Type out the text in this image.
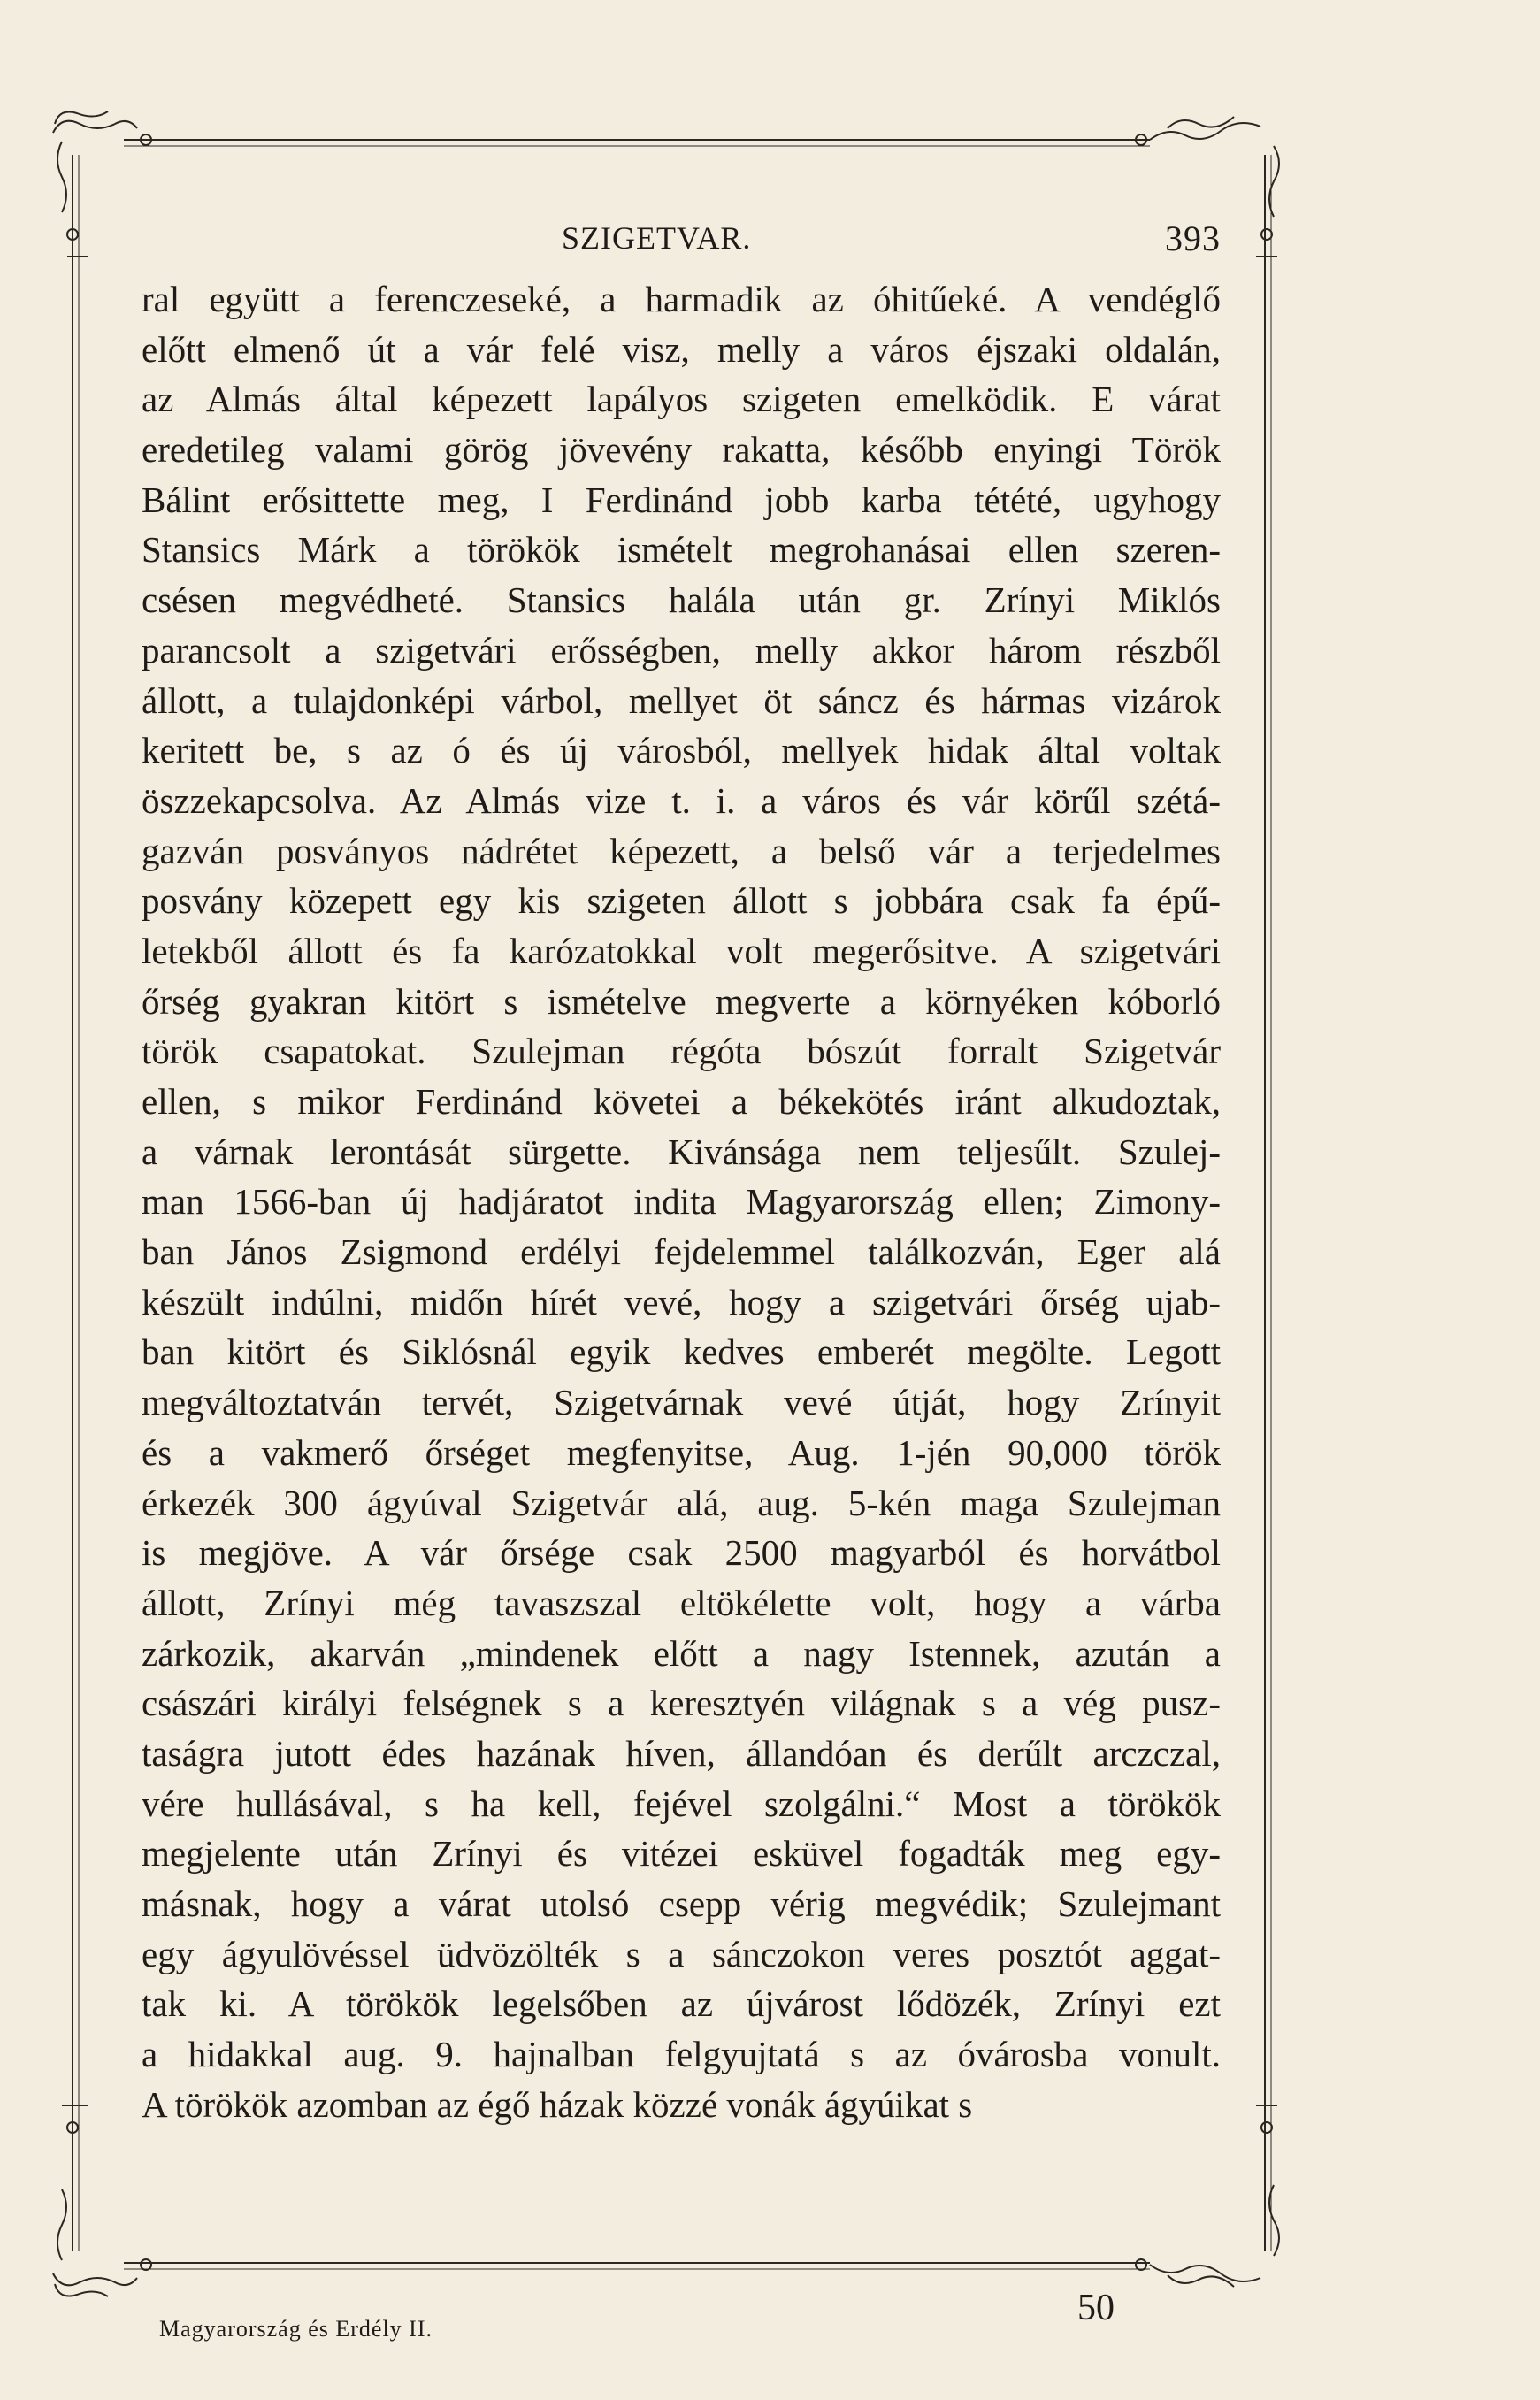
SZIGETVAR.	393
ral együtt a ferenczeseké, a harmadik az óhitűeké. A vendéglő
előtt elmenő út a vár felé visz, melly a város éjszaki oldalán,
az Almás által képezett lapályos szigeten emelködik. E várat
eredetileg valami görög jövevény rakatta, később enyingi Török
Bálint erősittette meg, I Ferdinánd jobb karba tétété, ugyhogy
Stansics Márk a törökök ismételt megrohanásai ellen szeren-
csésen megvédheté. Stansics halála után gr. Zrínyi Miklós
parancsolt a szigetvári erősségben, melly akkor három részből
állott, a tulajdonképi várbol, mellyet öt sáncz és hármas vizárok
keritett be, s az ó és új városból, mellyek hidak által voltak
öszzekapcsolva. Az Almás vize t. i. a város és vár körűl szétá-
gazván posványos nádrétet képezett, a belső vár a terjedelmes
posvány közepett egy kis szigeten állott s jobbára csak fa épű-
letekből állott és fa karózatokkal volt megerősitve. A szigetvári
őrség gyakran kitört s ismételve megverte a környéken kóborló
török csapatokat. Szulejman régóta bószút forralt Szigetvár
ellen, s mikor Ferdinánd követei a békekötés iránt alkudoztak,
a várnak lerontását sürgette. Kivánsága nem teljesűlt. Szulej-
man 1566-ban új hadjáratot indita Magyarország ellen; Zimony-
ban János Zsigmond erdélyi fejdelemmel találkozván, Eger alá
készült indúlni, midőn hírét vevé, hogy a szigetvári őrség ujab-
ban kitört és Siklósnál egyik kedves emberét megölte. Legott
megváltoztatván tervét, Szigetvárnak vevé útját, hogy Zrínyit
és a vakmerő őrséget megfenyitse, Aug. 1-jén 90,000 török
érkezék 300 ágyúval Szigetvár alá, aug. 5-kén maga Szulejman
is megjöve. A vár őrsége csak 2500 magyarból és horvátbol
állott, Zrínyi még tavaszszal eltökélette volt, hogy a várba
zárkozik, akarván „mindenek előtt a nagy Istennek, azután a
császári királyi felségnek s a keresztyén világnak s a vég pusz-
taságra jutott édes hazának híven, állandóan és derűlt arczczal,
vére hullásával, s ha kell, fejével szolgálni.“ Most a törökök
megjelente után Zrínyi és vitézei esküvel fogadták meg egy-
másnak, hogy a várat utolsó csepp vérig megvédik; Szulejmant
egy ágyulövéssel üdvözölték s a sánczokon veres posztót aggat-
tak ki. A törökök legelsőben az újvárost lődözék, Zrínyi ezt
a hidakkal aug. 9. hajnalban felgyujtatá s az óvárosba vonult.
A törökök azomban az égő házak közzé vonák ágyúikat s
Magyarország és Erdély II.
50
